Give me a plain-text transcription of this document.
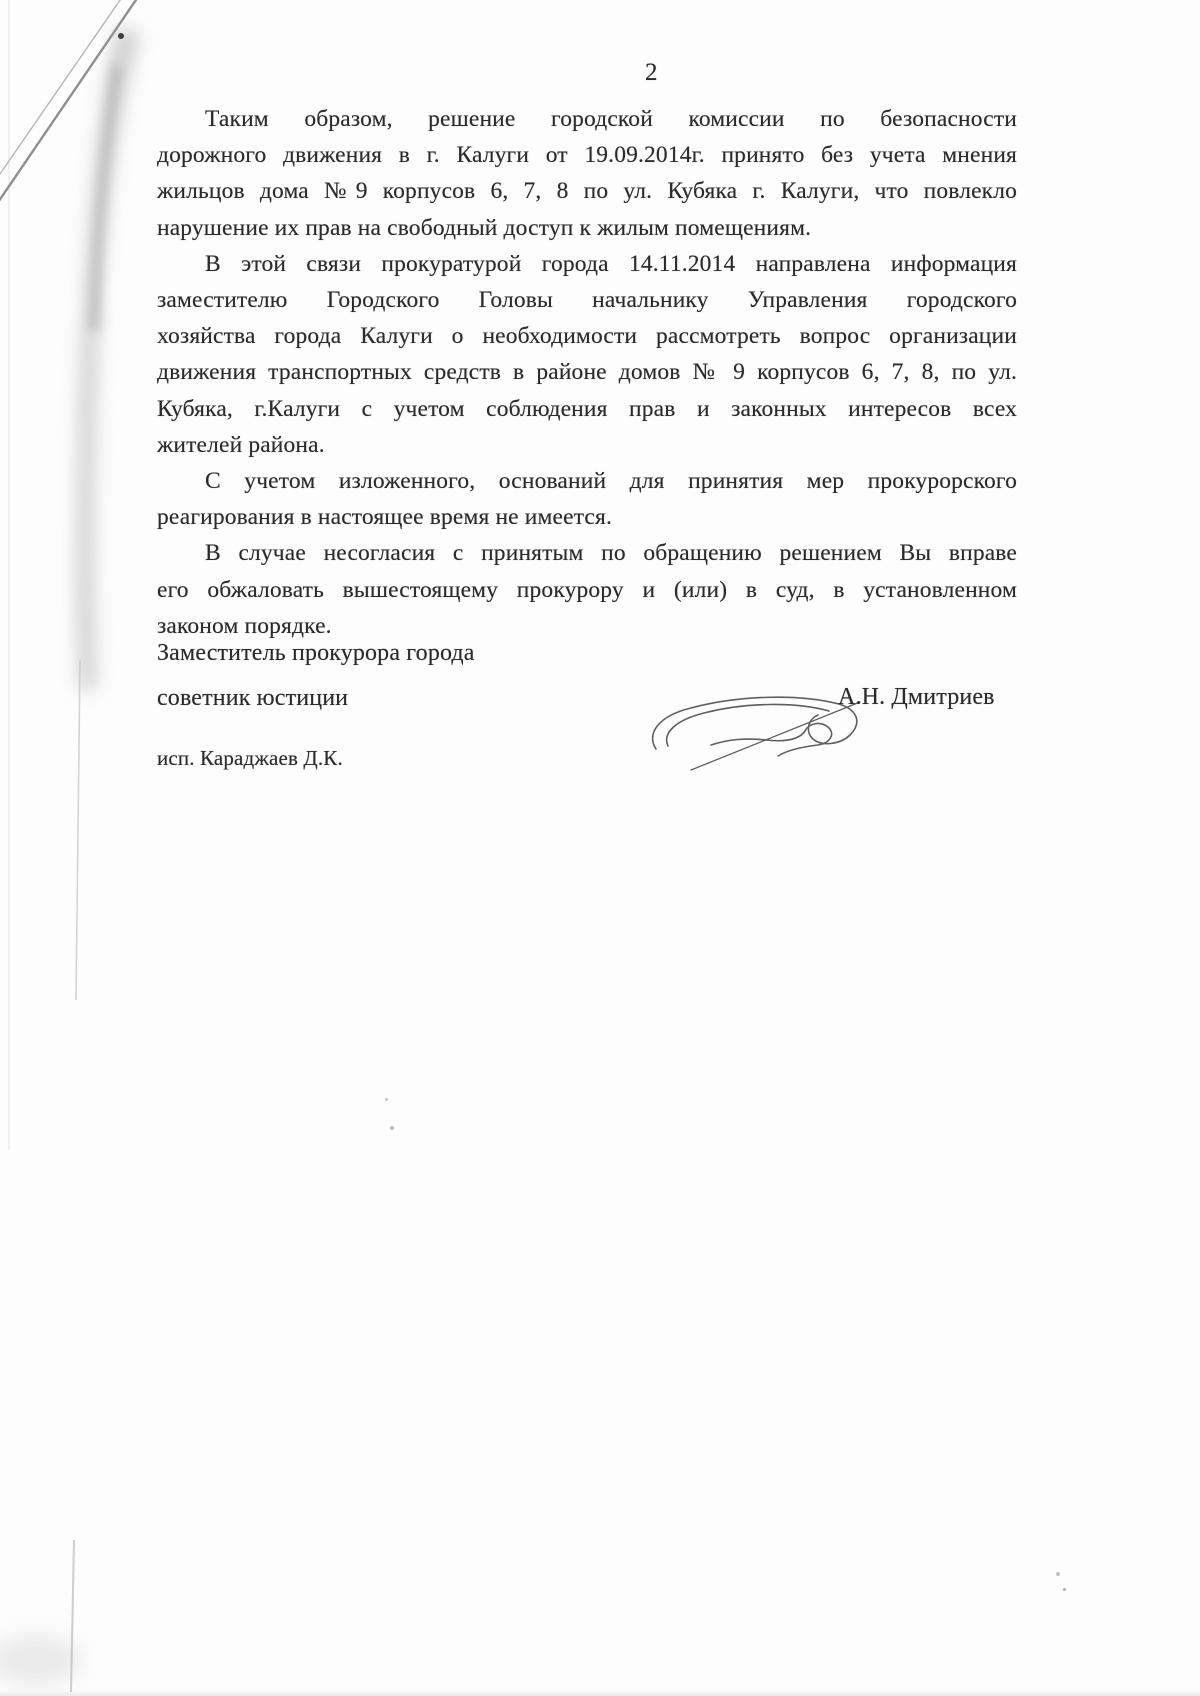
2
Таким образом, решение городской комиссии по безопасности
дорожного движения в г. Калуги от 19.09.2014г. принято без учета мнения
жильцов дома №9 корпусов 6, 7, 8 по ул. Кубяка г. Калуги, что повлекло
нарушение их прав на свободный доступ к жилым помещениям.
В этой связи прокуратурой города 14.11.2014 направлена информация
заместителю Городского Головы начальнику Управления городского
хозяйства города Калуги о необходимости рассмотреть вопрос организации
движения транспортных средств в районе домов № 9 корпусов 6, 7, 8, по ул.
Кубяка, г.Калуги с учетом соблюдения прав и законных интересов всех
жителей района.
С учетом изложенного, оснований для принятия мер прокурорского
реагирования в настоящее время не имеется.
В случае несогласия с принятым по обращению решением Вы вправе
его обжаловать вышестоящему прокурору и (или) в суд, в установленном
законом порядке.
Заместитель прокурора города
советник юстиции	А.Н. Дмитриев
исп. Караджаев Д.К.
